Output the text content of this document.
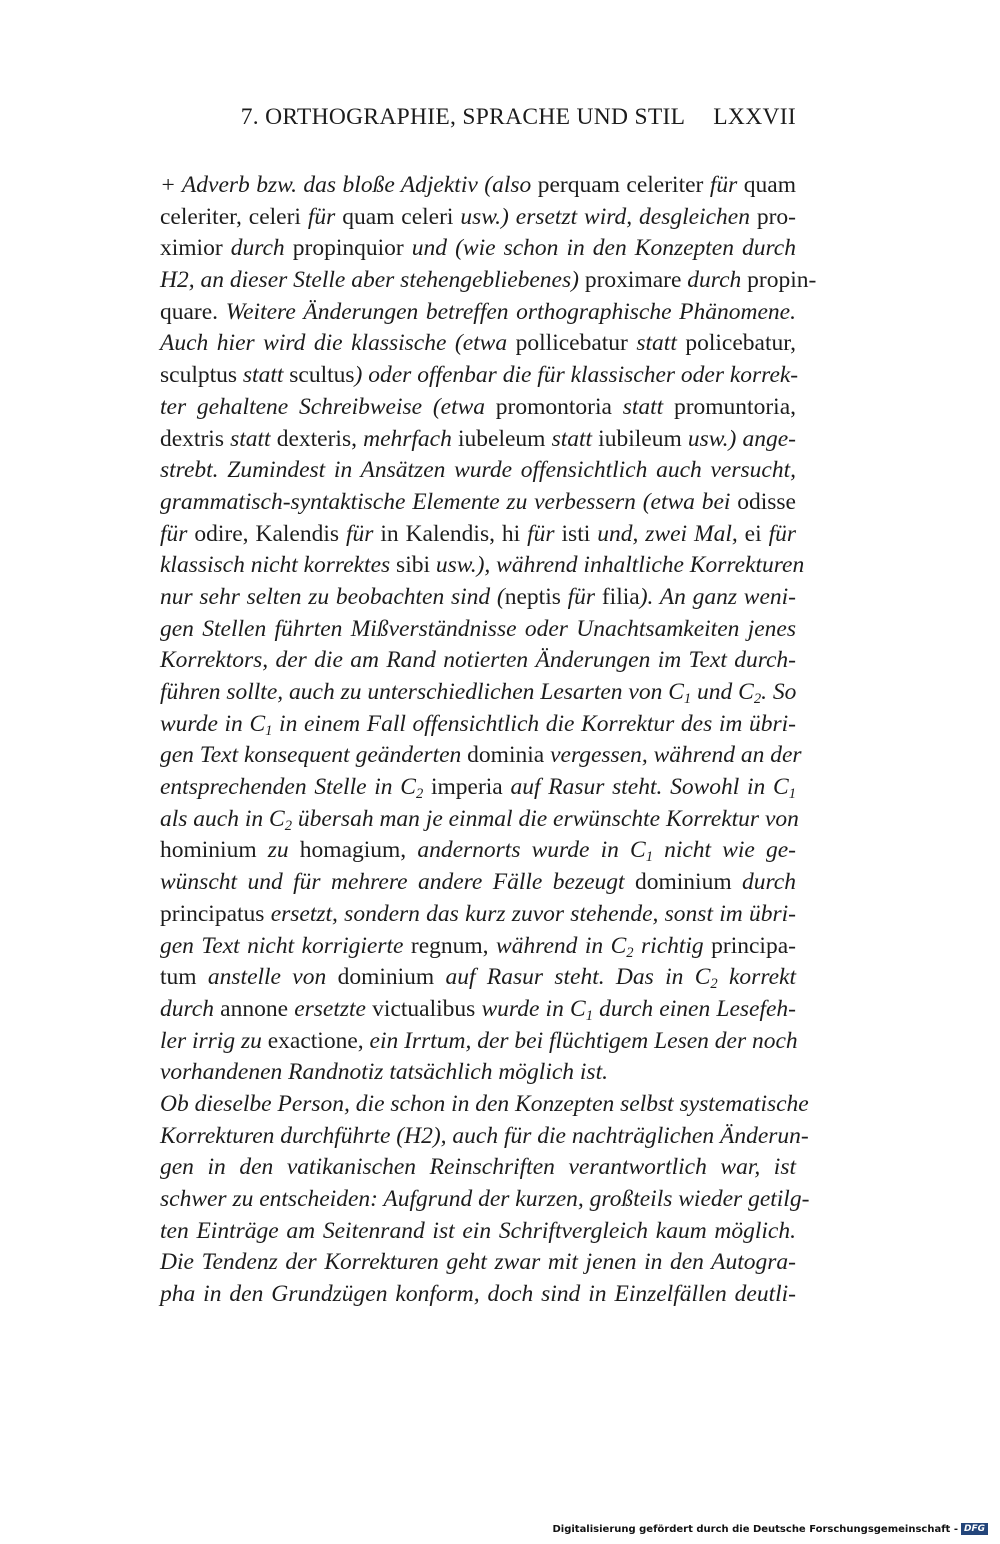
7. ORTHOGRAPHIE, SPRACHE UND STIL LXXVII
+ Adverb bzw. das bloße Adjektiv (also perquam celeriter für quam
celeriter, celeri für quam celeri usw.) ersetzt wird, desgleichen pro-
ximior durch propinquior und (wie schon in den Konzepten durch
H2, an dieser Stelle aber stehengebliebenes) proximare durch propin-
quare. Weitere Änderungen betreffen orthographische Phänomene.
Auch hier wird die klassische (etwa pollicebatur statt policebatur,
sculptus statt scultus) oder offenbar die für klassischer oder korrek-
ter gehaltene Schreibweise (etwa promontoria statt promuntoria,
dextris statt dexteris, mehrfach iubeleum statt iubileum usw.) ange-
strebt. Zumindest in Ansätzen wurde offensichtlich auch versucht,
grammatisch-syntaktische Elemente zu verbessern (etwa bei odisse
für odire, Kalendis für in Kalendis, hi für isti und, zwei Mal, ei für
klassisch nicht korrektes sibi usw.), während inhaltliche Korrekturen
nur sehr selten zu beobachten sind (neptis für filia). An ganz weni-
gen Stellen führten Mißverständnisse oder Unachtsamkeiten jenes
Korrektors, der die am Rand notierten Änderungen im Text durch-
führen sollte, auch zu unterschiedlichen Lesarten von $C_1$ und $C_2$. So
wurde in $C_1$ in einem Fall offensichtlich die Korrektur des im übri-
gen Text konsequent geänderten dominia vergessen, während an der
entsprechenden Stelle in $C_2$ imperia auf Rasur steht. Sowohl in $C_1$
als auch in $C_2$ übersah man je einmal die erwünschte Korrektur von
hominium zu homagium, andernorts wurde in $C_1$ nicht wie ge-
wünscht und für mehrere andere Fälle bezeugt dominium durch
principatus ersetzt, sondern das kurz zuvor stehende, sonst im übri-
gen Text nicht korrigierte regnum, während in $C_2$ richtig principa-
tum anstelle von dominium auf Rasur steht. Das in $C_2$ korrekt
durch annone ersetzte victualibus wurde in $C_1$ durch einen Lesefeh-
ler irrig zu exactione, ein Irrtum, der bei flüchtigem Lesen der noch
vorhandenen Randnotiz tatsächlich möglich ist.
Ob dieselbe Person, die schon in den Konzepten selbst systematische
Korrekturen durchführte (H2), auch für die nachträglichen Änderun-
gen in den vatikanischen Reinschriften verantwortlich war, ist
schwer zu entscheiden: Aufgrund der kurzen, großteils wieder getilg-
ten Einträge am Seitenrand ist ein Schriftvergleich kaum möglich.
Die Tendenz der Korrekturen geht zwar mit jenen in den Autogra-
pha in den Grundzügen konform, doch sind in Einzelfällen deutli-
Digitalisierung gefördert durch die Deutsche Forschungsgemeinschaft - DFG
